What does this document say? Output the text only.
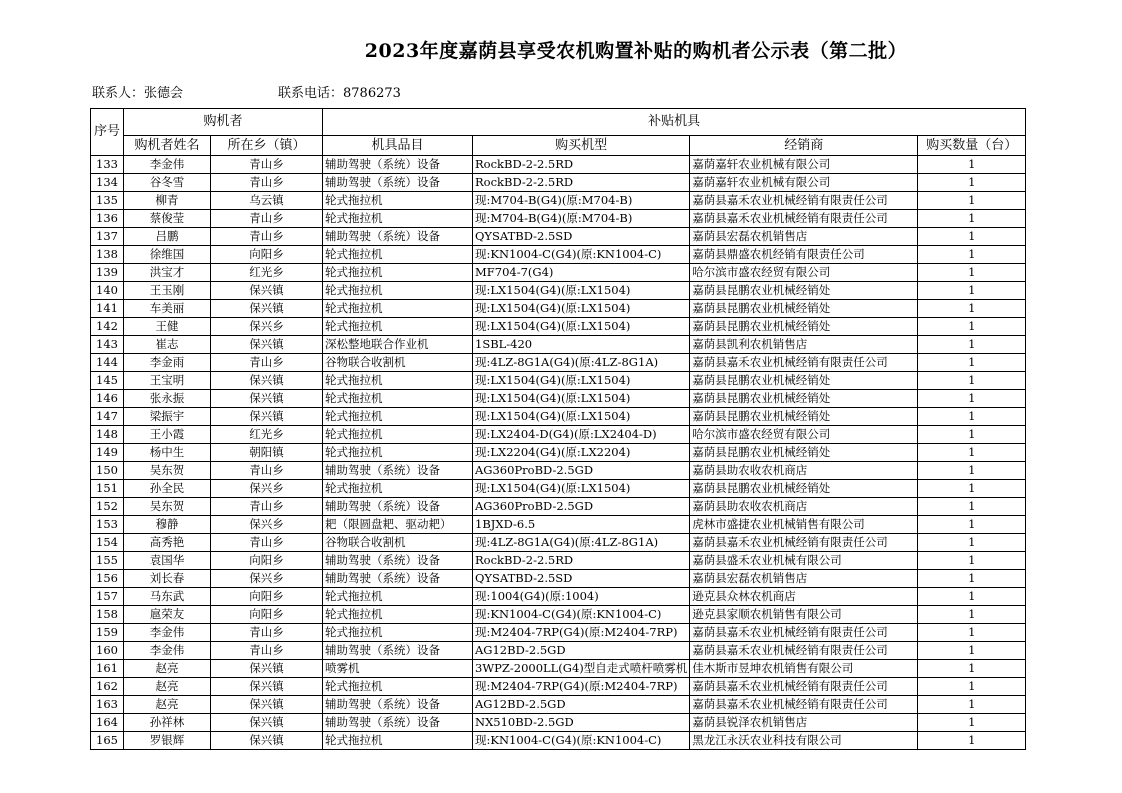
2023年度嘉荫县享受农机购置补贴的购机者公示表（第二批）
联系人：张德会	联系电话：8786273
序号	购机者		补贴机具			
	购机者姓名	所在乡（镇）	机具品目	购买机型	经销商	购买数量（台）
133	李金伟	青山乡	辅助驾驶（系统）设备	RockBD-2-2.5RD	嘉荫嘉轩农业机械有限公司	1
134	谷冬雪	青山乡	辅助驾驶（系统）设备	RockBD-2-2.5RD	嘉荫嘉轩农业机械有限公司	1
135	柳青	乌云镇	轮式拖拉机	现:M704-B(G4)(原:M704-B)	嘉荫县嘉禾农业机械经销有限责任公司	1
136	蔡俊莹	青山乡	轮式拖拉机	现:M704-B(G4)(原:M704-B)	嘉荫县嘉禾农业机械经销有限责任公司	1
137	吕鹏	青山乡	辅助驾驶（系统）设备	QYSATBD-2.5SD	嘉荫县宏磊农机销售店	1
138	徐维国	向阳乡	轮式拖拉机	现:KN1004-C(G4)(原:KN1004-C)	嘉荫县鼎盛农机经销有限责任公司	1
139	洪宝才	红光乡	轮式拖拉机	MF704-7(G4)	哈尔滨市盛农经贸有限公司	1
140	王玉刚	保兴镇	轮式拖拉机	现:LX1504(G4)(原:LX1504)	嘉荫县昆鹏农业机械经销处	1
141	车美丽	保兴镇	轮式拖拉机	现:LX1504(G4)(原:LX1504)	嘉荫县昆鹏农业机械经销处	1
142	王健	保兴乡	轮式拖拉机	现:LX1504(G4)(原:LX1504)	嘉荫县昆鹏农业机械经销处	1
143	崔志	保兴镇	深松整地联合作业机	1SBL-420	嘉荫县凯利农机销售店	1
144	李金雨	青山乡	谷物联合收割机	现:4LZ-8G1A(G4)(原:4LZ-8G1A)	嘉荫县嘉禾农业机械经销有限责任公司	1
145	王宝明	保兴镇	轮式拖拉机	现:LX1504(G4)(原:LX1504)	嘉荫县昆鹏农业机械经销处	1
146	张永振	保兴镇	轮式拖拉机	现:LX1504(G4)(原:LX1504)	嘉荫县昆鹏农业机械经销处	1
147	梁振宇	保兴镇	轮式拖拉机	现:LX1504(G4)(原:LX1504)	嘉荫县昆鹏农业机械经销处	1
148	王小霞	红光乡	轮式拖拉机	现:LX2404-D(G4)(原:LX2404-D)	哈尔滨市盛农经贸有限公司	1
149	杨中生	朝阳镇	轮式拖拉机	现:LX2204(G4)(原:LX2204)	嘉荫县昆鹏农业机械经销处	1
150	吴东贺	青山乡	辅助驾驶（系统）设备	AG360ProBD-2.5GD	嘉荫县助农收农机商店	1
151	孙全民	保兴乡	轮式拖拉机	现:LX1504(G4)(原:LX1504)	嘉荫县昆鹏农业机械经销处	1
152	吴东贺	青山乡	辅助驾驶（系统）设备	AG360ProBD-2.5GD	嘉荫县助农收农机商店	1
153	穆静	保兴乡	耙（限圆盘耙、驱动耙）	1BJXD-6.5	虎林市盛捷农业机械销售有限公司	1
154	高秀艳	青山乡	谷物联合收割机	现:4LZ-8G1A(G4)(原:4LZ-8G1A)	嘉荫县嘉禾农业机械经销有限责任公司	1
155	袁国华	向阳乡	辅助驾驶（系统）设备	RockBD-2-2.5RD	嘉荫县盛禾农业机械有限公司	1
156	刘长春	保兴乡	辅助驾驶（系统）设备	QYSATBD-2.5SD	嘉荫县宏磊农机销售店	1
157	马东武	向阳乡	轮式拖拉机	现:1004(G4)(原:1004)	逊克县众林农机商店	1
158	扈荣友	向阳乡	轮式拖拉机	现:KN1004-C(G4)(原:KN1004-C)	逊克县家顺农机销售有限公司	1
159	李金伟	青山乡	轮式拖拉机	现:M2404-7RP(G4)(原:M2404-7RP)	嘉荫县嘉禾农业机械经销有限责任公司	1
160	李金伟	青山乡	辅助驾驶（系统）设备	AG12BD-2.5GD	嘉荫县嘉禾农业机械经销有限责任公司	1
161	赵亮	保兴镇	喷雾机	3WPZ-2000LL(G4)型自走式喷杆喷雾机	佳木斯市昱坤农机销售有限公司	1
162	赵亮	保兴镇	轮式拖拉机	现:M2404-7RP(G4)(原:M2404-7RP)	嘉荫县嘉禾农业机械经销有限责任公司	1
163	赵亮	保兴镇	辅助驾驶（系统）设备	AG12BD-2.5GD	嘉荫县嘉禾农业机械经销有限责任公司	1
164	孙祥林	保兴镇	辅助驾驶（系统）设备	NX510BD-2.5GD	嘉荫县锐泽农机销售店	1
165	罗银辉	保兴镇	轮式拖拉机	现:KN1004-C(G4)(原:KN1004-C)	黑龙江永沃农业科技有限公司	1
